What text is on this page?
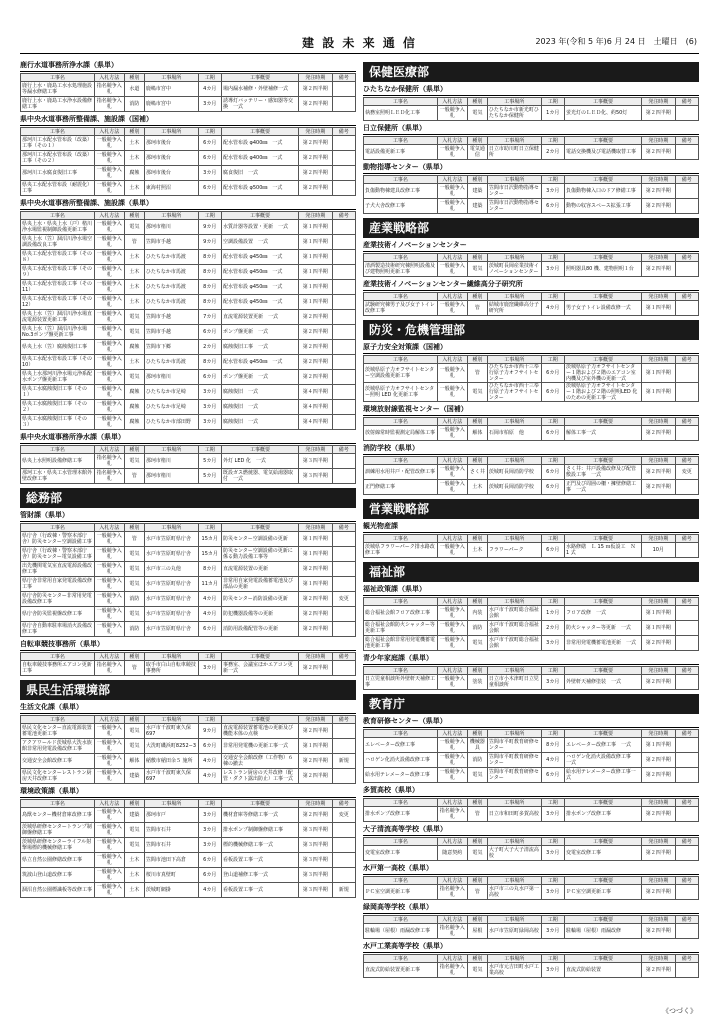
建 設 未 来 通 信	2023 年(令和 5 年)6 月 24 日　土曜日　(6)
鹿行水道事務所浄水課（県単）
工事名	入札方法	種別	工事場所	工期	工事概要	発注時期	備考
鹿行上水・鹿島工水水処理施設等漏水修繕工事	指名競争入札	水道	鹿嶋市宮中	4カ月	場内漏水補修・外壁補修一式	第２四半期	
鹿行上水・鹿島工水浄水設備修繕工事	指名競争入札	消防	鹿嶋市宮中	3カ月	誘導灯バッテリー・感知器等交換　一式	第２四半期	
県中央水道事務所整備課、施設課（国補）
工事名	入札方法	種別	工事場所	工期	工事概要	発注時期	備考
那珂川工水配水管布設（改築）工事（その１）	一般競争入札	土木	那珂市後台	6カ月	配水管布設 φ400㎜　一式	第２四半期	
那珂川工水配水管布設（改築）工事（その２）	一般競争入札	土木	那珂市後台	6カ月	配水管布設 φ400㎜　一式	第２四半期	
那珂川工水腐食復旧工事	一般競争入札	腐蝕	那珂市後台	3カ月	腐食復旧　一式	第２四半期	
県央工水配水管布設（耐震化）工事	一般競争入札	土木	東海村照沼	6カ月	配水管布設 φ500㎜　一式	第２四半期	
県中央水道事務所整備課、施設課（県単）
工事名	入札方法	種別	工事場所	工期	工事概要	発注時期	備考
県央上水・県央上水（戸）楮川浄水場監視制御設備更新工事	一般競争入札	電気	那珂市楮川	9カ月	水質計器等設置・更新　一式	第１四半期	
県央上水（笠）涸沼川浄水場空調設備改良工事	一般競争入札	管	笠間市手越	9カ月	空調設備設置　一式	第１四半期	
県央工水配水管布設工事（その８）	一般競争入札	土木	ひたちなか市馬渡	8カ月	配水管布設 φ450㎜　一式	第１四半期	
県央工水配水管布設工事（その９）	一般競争入札	土木	ひたちなか市馬渡	8カ月	配水管布設 φ450㎜　一式	第１四半期	
県央工水配水管布設工事（その11）	一般競争入札	土木	ひたちなか市馬渡	8カ月	配水管布設 φ450㎜　一式	第１四半期	
県央工水配水管布設工事（その12）	一般競争入札	土木	ひたちなか市馬渡	8カ月	配水管布設 φ450㎜　一式	第１四半期	
県央上水（笠）涸沼川浄水場直流電源装置更新工事	一般競争入札	電気	笠間市手越	7カ月	直流電源装置更新　一式	第２四半期	
県央上水（笠）涸沼川浄水場 No.3ポンプ盤更新工事	一般競争入札	電気	笠間市手越	6カ月	ポンプ盤更新　一式	第２四半期	
県央上水（笠）腐蝕復旧工事	一般競争入札	腐蝕	笠間市下郷	2カ月	腐蝕復旧工事　一式	第２四半期	
県央工水配水管布設工事（その10）	一般競争入札	土木	ひたちなか市馬渡	8カ月	配水管布設 φ450㎜　一式	第２四半期	
県央上水那珂川浄水場元浄系配水ポンプ盤更新工事	一般競争入札	電気	那珂市楮川	6カ月	ポンプ盤更新　一式	第２四半期	
県央工水腐蝕復旧工事（その１）	一般競争入札	腐蝕	ひたちなか市足崎	3カ月	腐蝕復旧　一式	第４四半期	
県央工水腐蝕復旧工事（その２）	一般競争入札	腐蝕	ひたちなか市足崎	3カ月	腐蝕復旧　一式	第４四半期	
県央工水腐蝕復旧工事（その３）	一般競争入札	腐蝕	ひたちなか市部田野	3カ月	腐蝕復旧　一式	第４四半期	
県中央水道事務所浄水課（県単）
工事名	入札方法	種別	工事場所	工期	工事概要	発注時期	備考
県央上水照明設備修繕工事	指名競争入札	電気	那珂市楮川	5カ月	外灯 LED 化　一式	第３四半期	
那珂工水・県央工水管理本館外壁改修工事	指名競争入札	管	那珂市楮川	5カ月	既設ガス燃焼器、電気給湯器取付　一式	第３四半期	
総務部
管財課（県単）
工事名	入札方法	種別	工事場所	工期	工事概要	発注時期	備考
県庁舎（行政棟・警察本部庁舎）防災センター空調設備工事	一般競争入札	管	水戸市笠原町県庁舎	15カ月	防災センター空調設備の更新	第１四半期	
県庁舎（行政棟・警察本部庁舎）防災センター電気設備工事	一般競争入札	電気	水戸市笠原町県庁舎	15カ月	防災センター空調設備の更新に係る動力設備工事等	第１四半期	
出先機関電気室直流電源設備改修工事	一般競争入札	電気	水戸市三の丸他	8カ月	直流電源装置の更新	第２四半期	
県庁舎非常用自家発電設備改修工事	一般競争入札	電気	水戸市笠原町県庁舎	11カ月	非常用自家発電設備蓄電池及び部品の更新	第１四半期	
県庁舎防災センター非常用発電設備改修工事	一般競争入札	消防	水戸市笠原町県庁舎	4カ月	防災センター消防設備の更新	第２四半期	変更
県庁舎防災監視盤改修工事	一般競争入札	電気	水戸市笠原町県庁舎	4カ月	防犯機器設備等の更新	第２四半期	
県庁舎自動車駐車場消火設備改修工事	一般競争入札	消防	水戸市笠原町県庁舎	6カ月	消防用設備配管等の更新	第２四半期	
自転車競技事務所（県単）
工事名	入札方法	種別	工事場所	工期	工事概要	発注時期	備考
自転車競技事務所エアコン更新工事	指名競争入札	管	取手市白山自転車競技事務所	3カ月	事務室、会議室ほかエアコン更新一式	第２四半期	
県民生活環境部
生活文化課（県単）
工事名	入札方法	種別	工事場所	工期	工事概要	発注時期	備考
県民文化センター直流電源装置蓄電池更新工事	一般競争入札	電気	水戸市千波町東久保697	9カ月	直流電源装置蓄電池の更新及び機能本体の点検	第２四半期	
アクアワールド茨城県大洗水族館非常用発電設備改修工事	一般競争入札	電気	大洗町磯浜町8252−3	6カ月	非常用発電機の更新工事一式	第１四半期	
交通安全会館改修工事	一般競争入札	解体	稲敷市稲田余５ 施所	4カ月	交通安全会館改修（工作物）６棟の撤去	第２四半期	新規
県民文化センターレストラン厨房天井改修工事	一般競争入札	建築	水戸市千波町東久保697	4カ月	レストラン厨房の天井改修（配管・ダクト露出防止）工事一式	第２四半期	
環境政策課（県単）
工事名	入札方法	種別	工事場所	工期	工事概要	発注時期	備考
鳥獣センター機材倉庫改修工事	一般競争入札	建築	那珂市戸	3カ月	機材倉庫等修繕工事一式	第２四半期	変更
茨城県研修センタートランプ制御盤修繕工事	一般競争入札	電気	笠間市石井	3カ月	排水ポンプ制御盤修繕工事	第３四半期	
茨城県研修センターライフル射撃場標的機械修繕工事	一般競争入札	電気	笠間市石井	3カ月	標的機械修繕工事一式	第３四半期	
県立自然公園修繕改修工事	一般競争入札	土木	笠間市池田下高倉	6カ月	看板設置工事一式	第３四半期	
筑波山登山道改修工事	一般競争入札	土木	桜川市真壁町	6カ月	登山道補修工事一式	第３四半期	
涸沼自然公園標識板等改修工事	一般競争入札	土木	茨城町網掛	4カ月	看板設置工事一式	第３四半期	新規
保健医療部
ひたちなか保健所（県単）
工事名	入札方法	種別	工事場所	工期	工事概要	発注時期	備考
執務室照明ＬＥＤ化工事	一般競争入札	電気	ひたちなか市新光町ひたちなか保健所	1カ月	蛍光灯のＬＥＤ化、約50灯	第２四半期	
日立保健所（県単）
工事名	入札方法	種別	工事場所	工期	工事概要	発注時期	備考
電話設備更新工事	一般競争入札	電気通信	日立市助川町日立保健所	2カ月	電話交換機及び電話機取替工事	第２四半期	
動物指導センター（県単）
工事名	入札方法	種別	工事場所	工期	工事概要	発注時期	備考
負傷動物棟建具改修工事	一般競争入札	建築	笠間市日沢動物指導センター	3カ月	負傷動物棟入口のドア修繕工事	第２四半期	
子犬大舎改修工事	一般競争入札	建築	笠間市日沢動物指導センター	6カ月	動物の収容スペース拡張工事	第２四半期	
産業戦略部
産業技術イノベーションセンター
工事名	入札方法	種別	工事場所	工期	工事概要	発注時期	備考
清酒製造技術研究棟照明設備及び建物照明更新工事	一般競争入札	電気	茨城町長岡産業技術イノベーションセンター	3カ月	照明器具80 機、建物照明１台	第２四半期	
産業技術イノベーションセンター繊維高分子研究所
工事名	入札方法	種別	工事場所	工期	工事概要	発注時期	備考
試験研究棟男子及び女子トイレ改修工事	一般競争入札	管	結城市鹿窪繊維高分子研究所	4カ月	男子女子トイレ設備改修一式	第１四半期	
防災・危機管理部
原子力安全対策課（国補）
工事名	入札方法	種別	工事場所	工期	工事概要	発注時期	備考
茨城県原子力オフサイトセンター空調設備更新工事	一般競争入札	管	ひたちなか市西十三奉行原子力オフサイトセンター	6カ月	茨城県原子力オフサイトセンター１階および２階のエアコン室内機及び室外機の更新一式	第１四半期	
茨城県原子力オフサイトセンター照明 LED 化更新工事	一般競争入札	電気	ひたちなか市西十三奉行原子力オフサイトセンター	6カ月	茨城県原子力オフサイトセンター１階および２階の照明LED 化のための更新工事一式	第１四半期	
環境放射線監視センター（国補）
工事名	入札方法	種別	工事場所	工期	工事概要	発注時期	備考
放射線常時監視測定局解体工事	一般競争入札	解体	石岡市柏原　他	6カ月	解体工事一式	第２四半期	
消防学校（県単）
工事名	入札方法	種別	工事場所	工期	工事概要	発注時期	備考
訓練用水用井戸・配管改修工事	一般競争入札	さく井	茨城町長岡消防学校	6カ月	さく井：井戸設備改修及び配管敷設工事　一式	第２四半期	変更
正門修繕工事	一般競争入札	土木	茨城町長岡消防学校	6カ月	正門及び周囲の柵・擁壁修繕工事　一式	第２四半期	
営業戦略部
観光物産課
工事名	入札方法	種別	工事場所	工期	工事概要	発注時期	備考
茨城県フラワーパーク排水路改修工事	一般競争入札	土木	フラワーパーク	6カ月	水路修繕　Ｌ 15 ｍ仮設工　Ｎ 1 式	10月	
福祉部
福祉政策課（県単）
工事名	入札方法	種別	工事場所	工期	工事概要	発注時期	備考
総合福祉会館フロア改修工事	一般競争入札	内装	水戸市千波町総合福祉会館	1カ月	フロア改修　一式	第１四半期	
総合福祉会館防火シャッター等更新工事	一般競争入札	消防	水戸市千波町総合福祉会館	2カ月	防火シャッター等更新　一式	第１四半期	
総合福祉会館非常用発電機蓄電池更新工事	一般競争入札	電気	水戸市千波町総合福祉会館	3カ月	非常用発電機蓄電池更新　一式	第２四半期	
青少年家庭課（県単）
工事名	入札方法	種別	工事場所	工期	工事概要	発注時期	備考
日立児童相談所外壁軒天補修工事	一般競争入札	塗装	日立市小木津町日立児童相談所	3カ月	外壁軒天補修塗装　一式	第２四半期	
教育庁
教育研修センター（県単）
工事名	入札方法	種別	工事場所	工期	工事概要	発注時期	備考
エレベーター改修工事	一般競争入札	機械器具	笠間市平町教育研修センター	8カ月	エレベーター改修工事　一式	第１四半期	
ハロゲン化消火設備改修工事	一般競争入札	消防	笠間市平町教育研修センター	4カ月	ハロゲン化消火設備改修工事　一式	第２四半期	
給水用テレメーター改修工事	一般競争入札	電気	笠間市平町教育研修センター	6カ月	給水用テレメーター改修工事一式	第２四半期	
多賀高校（県単）
工事名	入札方法	種別	工事場所	工期	工事概要	発注時期	備考
排水ポンプ改修工事	指名競争入札	管	日立市和田町多賀高校	3カ月	排水ポンプ改修工事	第２四半期	
大子清流高等学校（県単）
工事名	入札方法	種別	工事場所	工期	工事概要	発注時期	備考
変電室改修工事	随意契約	電気	大子町大子大子清流高校	3カ月	変電室改修工事	第２四半期	
水戸第一高校（県単）
工事名	入札方法	種別	工事場所	工期	工事概要	発注時期	備考
ＰＣ室空調更新工事	指名競争入札	管	水戸市三の丸水戸第一高校	3カ月	ＰＣ室空調更新工事	第２四半期	
緑岡高等学校（県単）
工事名	入札方法	種別	工事場所	工期	工事概要	発注時期	備考
駐輪場（屋根）雨漏改修工事	指名競争入札	屋根	水戸市笠原町緑岡高校	3カ月	駐輪場（屋根）雨漏改修	第２四半期	
水戸工業高等学校（県単）
工事名	入札方法	種別	工事場所	工期	工事概要	発注時期	備考
直流式防給装置更新工事	指名競争入札	電気	水戸市元吉田町水戸工業高校	3カ月	直流式防給装置	第２四半期	
《つづく》
